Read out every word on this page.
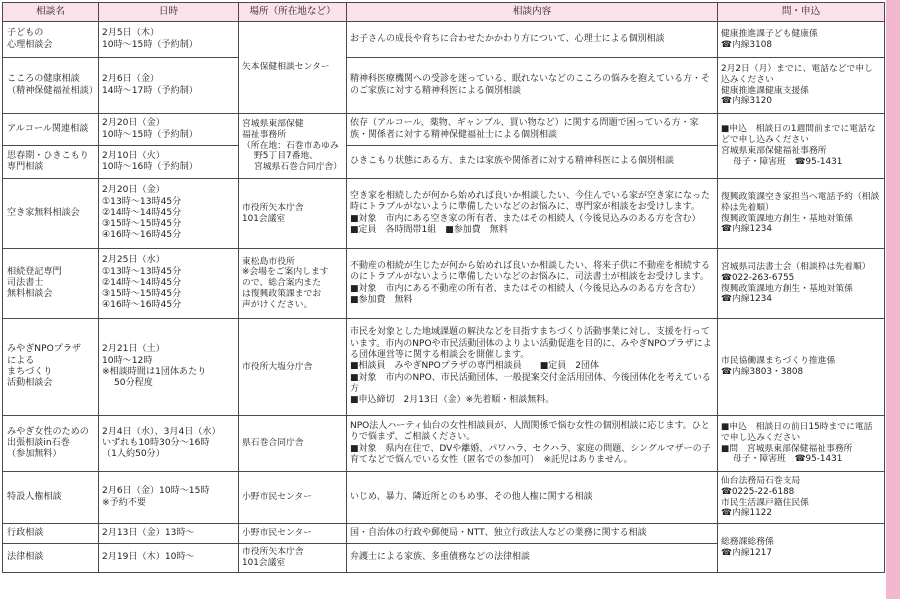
相談名	日時	場所（所在地など）	相談内容	問・申込

子どもの
心理相談会	2月5日（木）
10時～15時（予約制）	矢本保健相談センター	お子さんの成長や育ちに合わせたかかわり方について、心理士による個別相談	健康推進課子ども健康係
☎内線3108

こころの健康相談
（精神保健福祉相談）	2月6日（金）
14時～17時（予約制）		精神科医療機関への受診を迷っている、眠れないなどのこころの悩みを抱えている方・そのご家族に対する精神科医による個別相談	2月2日（月）までに、電話などで申し込みください
健康推進課健康支援係
☎内線3120

アルコール関連相談	2月20日（金）
10時～15時（予約制）	宮城県東部保健
福祉事務所
（所在地：石巻市あゆみ
野5丁目7番地、
宮城県石巻合同庁舎）	依存（アルコール、薬物、ギャンブル、買い物など）に関する問題で困っている方・家族・関係者に対する精神保健福祉士による個別相談	■申込　相談日の1週間前までに電話などで申し込みください
宮城県東部保健福祉事務所
母子・障害班　☎95-1431

思春期・ひきこもり
専門相談	2月10日（火）
10時～16時（予約制）		ひきこもり状態にある方、または家族や関係者に対する精神科医による個別相談	

空き家無料相談会	2月20日（金）
①13時～13時45分
②14時～14時45分
③15時～15時45分
④16時～16時45分	市役所矢本庁舎
101会議室	空き家を相続したが何から始めれば良いか相談したい、今住んでいる家が空き家になった時にトラブルがないように準備したいなどのお悩みに、専門家が相談をお受けします。
■対象　市内にある空き家の所有者、またはその相続人（今後見込みのある方を含む）
■定員　各時間帯1組　■参加費　無料	復興政策課空き家担当へ電話予約（相談枠は先着順）
復興政策課地方創生・基地対策係
☎内線1234

相続登記専門
司法書士
無料相談会	2月25日（水）
①13時～13時45分
②14時～14時45分
③15時～15時45分
④16時～16時45分	東松島市役所
※会場をご案内します
ので、総合案内また
は復興政策課までお
声がけください。	不動産の相続が生じたが何から始めれば良いか相談したい、将来子供に不動産を相続するのにトラブルがないように準備したいなどのお悩みに、司法書士が相談をお受けします。
■対象　市内にある不動産の所有者、またはその相続人（今後見込みのある方を含む）
■参加費　無料	宮城県司法書士会（相談枠は先着順）
☎022-263-6755
復興政策課地方創生・基地対策係
☎内線1234

みやぎNPOプラザ
による
まちづくり
活動相談会	2月21日（土）
10時～12時
※相談時間は1団体あたり
50分程度	市役所大塩分庁舎	市民を対象とした地域課題の解決などを目指すまちづくり活動事業に対し、支援を行っています。市内のNPOや市民活動団体のよりよい活動促進を目的に、みやぎNPOプラザによる団体運営等に関する相談会を開催します。
■相談員　みやぎNPOプラザの専門相談員　　■定員　2団体
■対象　市内のNPO、市民活動団体、一般提案交付金活用団体、今後団体化を考えている方
■申込締切　2月13日（金）※先着順・相談無料。	市民協働課まちづくり推進係
☎内線3803・3808

みやぎ女性のための
出張相談in石巻
（参加無料）	2月4日（水）、3月4日（水）
いずれも10時30分～16時
（1人約50分）	県石巻合同庁舎	NPO法人ハーティ仙台の女性相談員が、人間関係で悩む女性の個別相談に応じます。ひとりで悩まず、ご相談ください。
■対象　県内在住で、DVや離婚、パワハラ、セクハラ、家庭の問題、シングルマザーの子育てなどで悩んでいる女性（匿名での参加可）　※託児はありません。	■申込　相談日の前日15時までに電話で申し込みください
■問　宮城県東部保健福祉事務所
母子・障害班　☎95-1431

特設人権相談	2月6日（金）10時～15時
※予約不要	小野市民センター	いじめ、暴力、隣近所とのもめ事、その他人権に関する相談	仙台法務局石巻支局
☎0225-22-6188
市民生活課戸籍住民係
☎内線1122

行政相談	2月13日（金）13時～	小野市民センター	国・自治体の行政や郵便局・NTT、独立行政法人などの業務に関する相談	総務課総務係
☎内線1217

法律相談	2月19日（木）10時～	市役所矢本庁舎
101会議室	弁護士による家族、多重債務などの法律相談	
